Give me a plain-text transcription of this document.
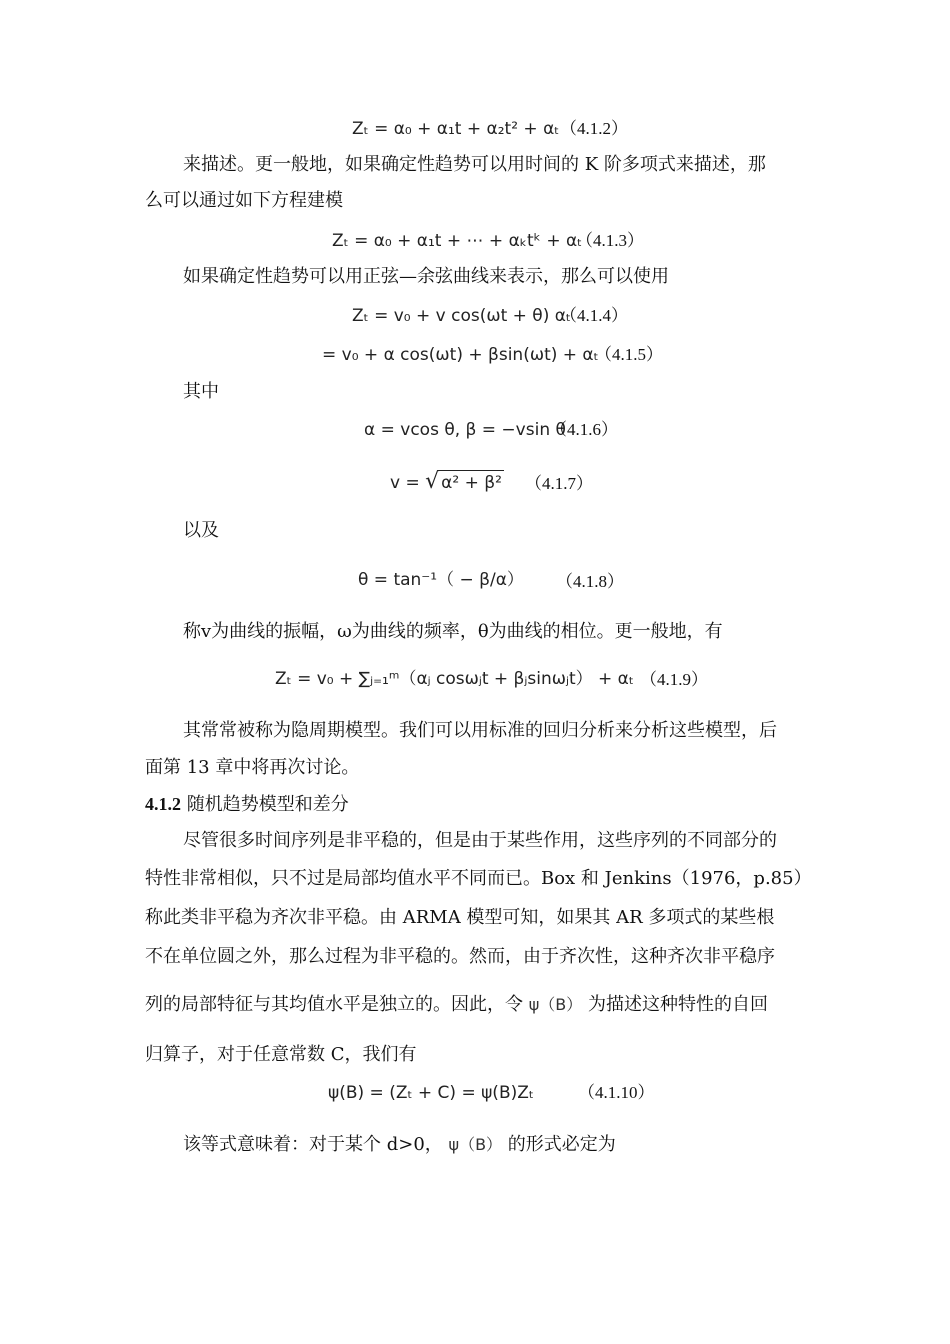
Zₜ = α₀ + α₁t + α₂t² + αₜ （4.1.2）
来描述。更一般地，如果确定性趋势可以用时间的 K 阶多项式来描述，那
么可以通过如下方程建模
Zₜ = α₀ + α₁t + ⋯ + αₖtᵏ + αₜ
（4.1.3）
如果确定性趋势可以用正弦—余弦曲线来表示，那么可以使用
Zₜ = v₀ + v cos(ωt + θ) αₜ
（4.1.4）
= v₀ + α cos(ωt) + βsin(ωt) + αₜ
（4.1.5）
其中
α = vcos θ, β = −vsin θ
（4.1.6）
v = √ α² + β² （4.1.7）
以及
θ = tan⁻¹（ − β/α） （4.1.8）
称v为曲线的振幅，ω为曲线的频率，θ为曲线的相位。更一般地，有
Zₜ = v₀ + ∑ⱼ₌₁ᵐ（αⱼ cosωⱼt + βⱼsinωⱼt） + αₜ （4.1.9）
其常常被称为隐周期模型。我们可以用标准的回归分析来分析这些模型，后
面第 13 章中将再次讨论。
4.1.2 随机趋势模型和差分
尽管很多时间序列是非平稳的，但是由于某些作用，这些序列的不同部分的
特性非常相似，只不过是局部均值水平不同而已。Box 和 Jenkins（1976，p.85）
称此类非平稳为齐次非平稳。由 ARMA 模型可知，如果其 AR 多项式的某些根
不在单位圆之外，那么过程为非平稳的。然而，由于齐次性，这种齐次非平稳序
列的局部特征与其均值水平是独立的。因此，令 ψ（B） 为描述这种特性的自回
归算子，对于任意常数 C，我们有
ψ(B) = (Zₜ + C) = ψ(B)Zₜ	（4.1.10）
该等式意味着：对于某个 d>0， ψ（B） 的形式必定为
